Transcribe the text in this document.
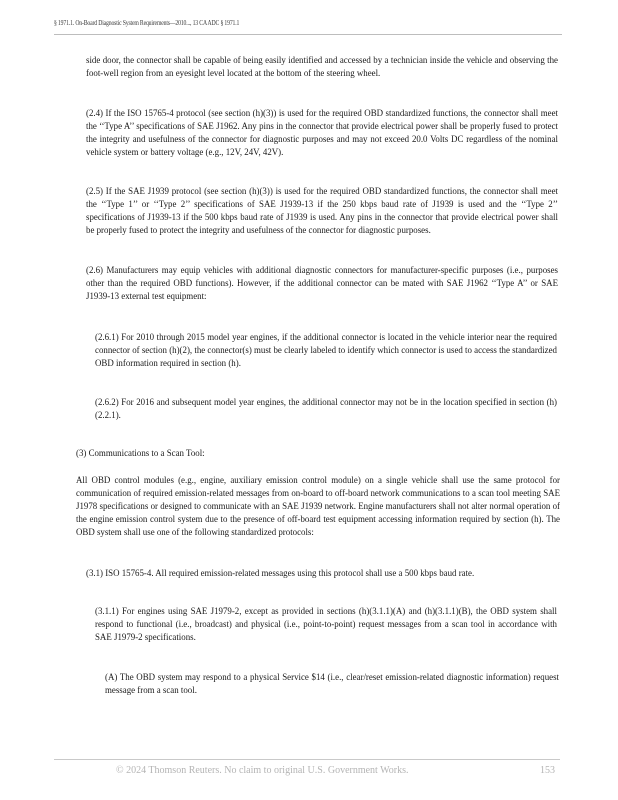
§ 1971.1. On-Board Diagnostic System Requirements—2010..., 13 CA ADC § 1971.1

side door, the connector shall be capable of being easily identified and accessed by a technician inside the vehicle and observing the foot-well region from an eyesight level located at the bottom of the steering wheel.

(2.4) If the ISO 15765-4 protocol (see section (h)(3)) is used for the required OBD standardized functions, the connector shall meet the ‘‘Type A’’ specifications of SAE J1962. Any pins in the connector that provide electrical power shall be properly fused to protect the integrity and usefulness of the connector for diagnostic purposes and may not exceed 20.0 Volts DC regardless of the nominal vehicle system or battery voltage (e.g., 12V, 24V, 42V).

(2.5) If the SAE J1939 protocol (see section (h)(3)) is used for the required OBD standardized functions, the connector shall meet the ‘‘Type 1’’ or ‘‘Type 2’’ specifications of SAE J1939-13 if the 250 kbps baud rate of J1939 is used and the ‘‘Type 2’’ specifications of J1939-13 if the 500 kbps baud rate of J1939 is used. Any pins in the connector that provide electrical power shall be properly fused to protect the integrity and usefulness of the connector for diagnostic purposes.

(2.6) Manufacturers may equip vehicles with additional diagnostic connectors for manufacturer-specific purposes (i.e., purposes other than the required OBD functions). However, if the additional connector can be mated with SAE J1962 ‘‘Type A’’ or SAE J1939-13 external test equipment:

(2.6.1) For 2010 through 2015 model year engines, if the additional connector is located in the vehicle interior near the required connector of section (h)(2), the connector(s) must be clearly labeled to identify which connector is used to access the standardized OBD information required in section (h).

(2.6.2) For 2016 and subsequent model year engines, the additional connector may not be in the location specified in section (h)(2.2.1).

(3) Communications to a Scan Tool:

All OBD control modules (e.g., engine, auxiliary emission control module) on a single vehicle shall use the same protocol for communication of required emission-related messages from on-board to off-board network communications to a scan tool meeting SAE J1978 specifications or designed to communicate with an SAE J1939 network. Engine manufacturers shall not alter normal operation of the engine emission control system due to the presence of off-board test equipment accessing information required by section (h). The OBD system shall use one of the following standardized protocols:

(3.1) ISO 15765-4. All required emission-related messages using this protocol shall use a 500 kbps baud rate.

(3.1.1) For engines using SAE J1979-2, except as provided in sections (h)(3.1.1)(A) and (h)(3.1.1)(B), the OBD system shall respond to functional (i.e., broadcast) and physical (i.e., point-to-point) request messages from a scan tool in accordance with SAE J1979-2 specifications.

(A) The OBD system may respond to a physical Service $14 (i.e., clear/reset emission-related diagnostic information) request message from a scan tool.

© 2024 Thomson Reuters. No claim to original U.S. Government Works.	153
